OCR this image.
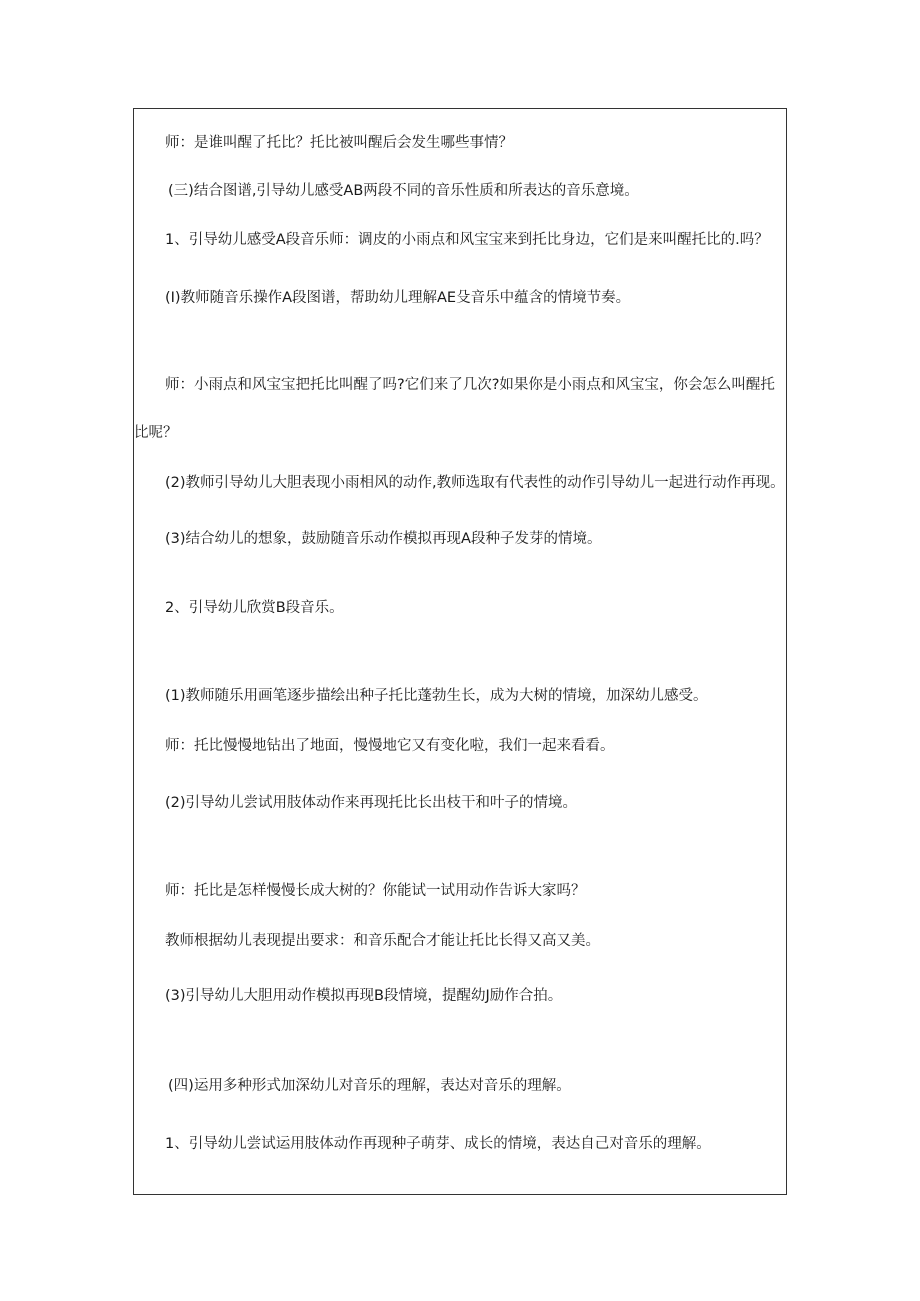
师：是谁叫醒了托比？托比被叫醒后会发生哪些事情？
(三)结合图谱,引导幼儿感受AB两段不同的音乐性质和所表达的音乐意境。
1、引导幼儿感受A段音乐师：调皮的小雨点和风宝宝来到托比身边，它们是来叫醒托比的.吗？
(I)教师随音乐操作A段图谱，帮助幼儿理解AE殳音乐中蕴含的情境节奏。
师：小雨点和风宝宝把托比叫醒了吗?它们来了几次?如果你是小雨点和风宝宝，你会怎么叫醒托
比呢？
(2)教师引导幼儿大胆表现小雨相风的动作,教师选取有代表性的动作引导幼儿一起进行动作再现。
(3)结合幼儿的想象，鼓励随音乐动作模拟再现A段种子发芽的情境。
2、引导幼儿欣赏B段音乐。
(1)教师随乐用画笔逐步描绘出种子托比蓬勃生长，成为大树的情境，加深幼儿感受。
师：托比慢慢地钻出了地面，慢慢地它又有变化啦，我们一起来看看。
(2)引导幼儿尝试用肢体动作来再现托比长出枝干和叶子的情境。
师：托比是怎样慢慢长成大树的？你能试一试用动作告诉大家吗？
教师根据幼儿表现提出要求：和音乐配合才能让托比长得又高又美。
(3)引导幼儿大胆用动作模拟再现B段情境，提醒幼J励作合拍。
(四)运用多种形式加深幼儿对音乐的理解，表达对音乐的理解。
1、引导幼儿尝试运用肢体动作再现种子萌芽、成长的情境，表达自己对音乐的理解。
